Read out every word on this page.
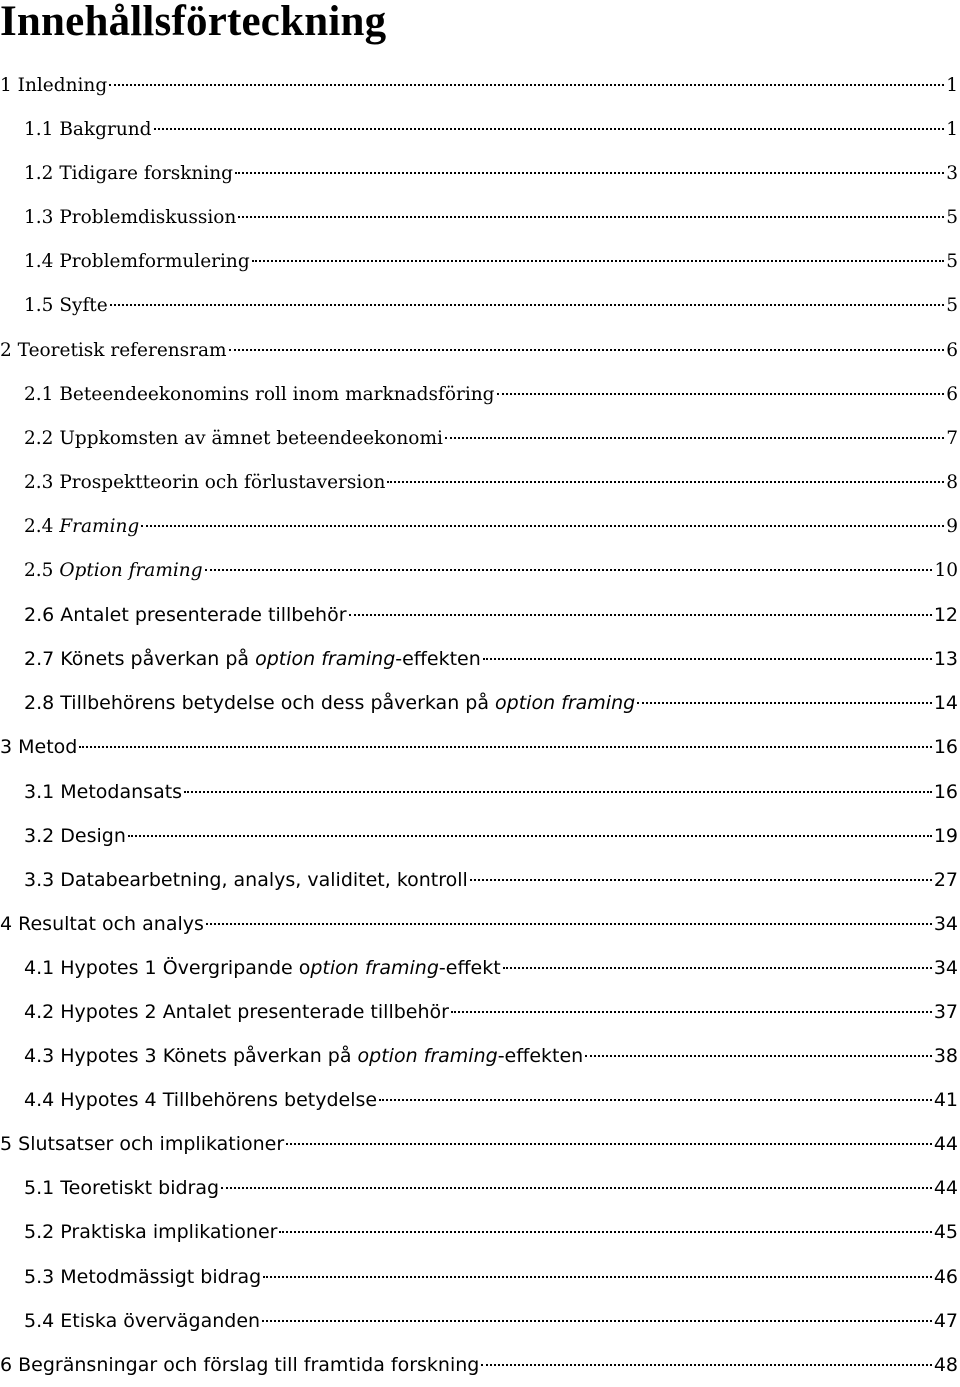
Innehållsförteckning
1 Inledning	1
1.1 Bakgrund	1
1.2 Tidigare forskning	3
1.3 Problemdiskussion	5
1.4 Problemformulering	5
1.5 Syfte	5
2 Teoretisk referensram	6
2.1 Beteendeekonomins roll inom marknadsföring	6
2.2 Uppkomsten av ämnet beteendeekonomi	7
2.3 Prospektteorin och förlustaversion	8
2.4 Framing	9
2.5 Option framing	10
2.6 Antalet presenterade tillbehör	12
2.7 Könets påverkan på option framing-effekten	13
2.8 Tillbehörens betydelse och dess påverkan på option framing	14
3 Metod	16
3.1 Metodansats	16
3.2 Design	19
3.3 Databearbetning, analys, validitet, kontroll	27
4 Resultat och analys	34
4.1 Hypotes 1 Övergripande option framing-effekt	34
4.2 Hypotes 2 Antalet presenterade tillbehör	37
4.3 Hypotes 3 Könets påverkan på option framing-effekten	38
4.4 Hypotes 4 Tillbehörens betydelse	41
5 Slutsatser och implikationer	44
5.1 Teoretiskt bidrag	44
5.2 Praktiska implikationer	45
5.3 Metodmässigt bidrag	46
5.4 Etiska överväganden	47
6 Begränsningar och förslag till framtida forskning	48
